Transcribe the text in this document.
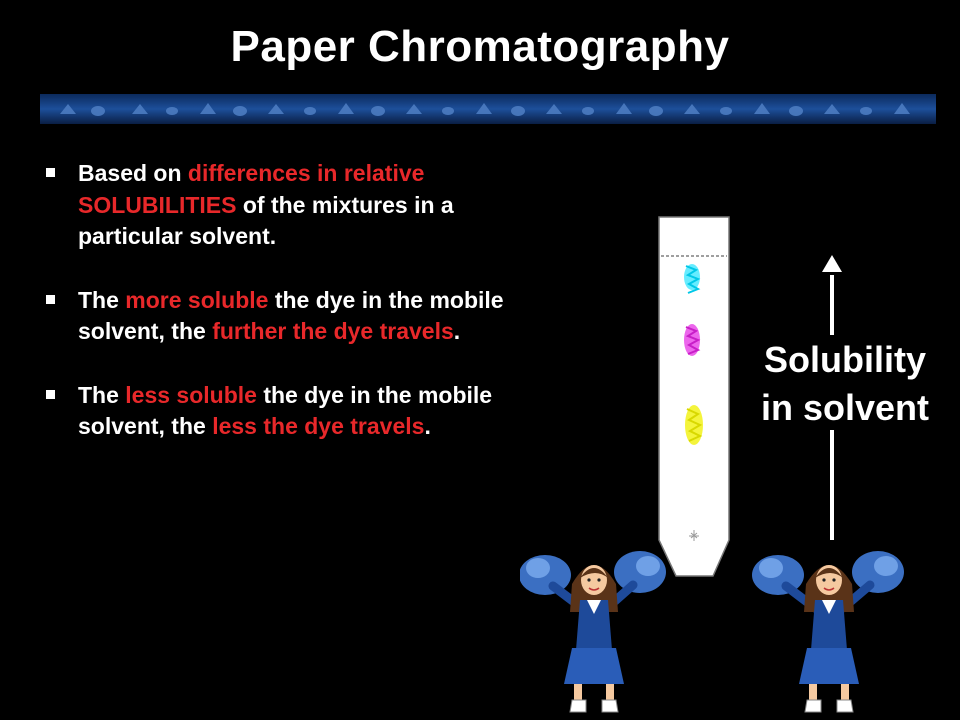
Paper Chromatography
Based on differences in relative SOLUBILITIES of the mixtures in a particular solvent.
The more soluble the dye in the mobile solvent, the further the dye travels.
The less soluble the dye in the mobile solvent, the less the dye travels.
Solubility
in solvent
